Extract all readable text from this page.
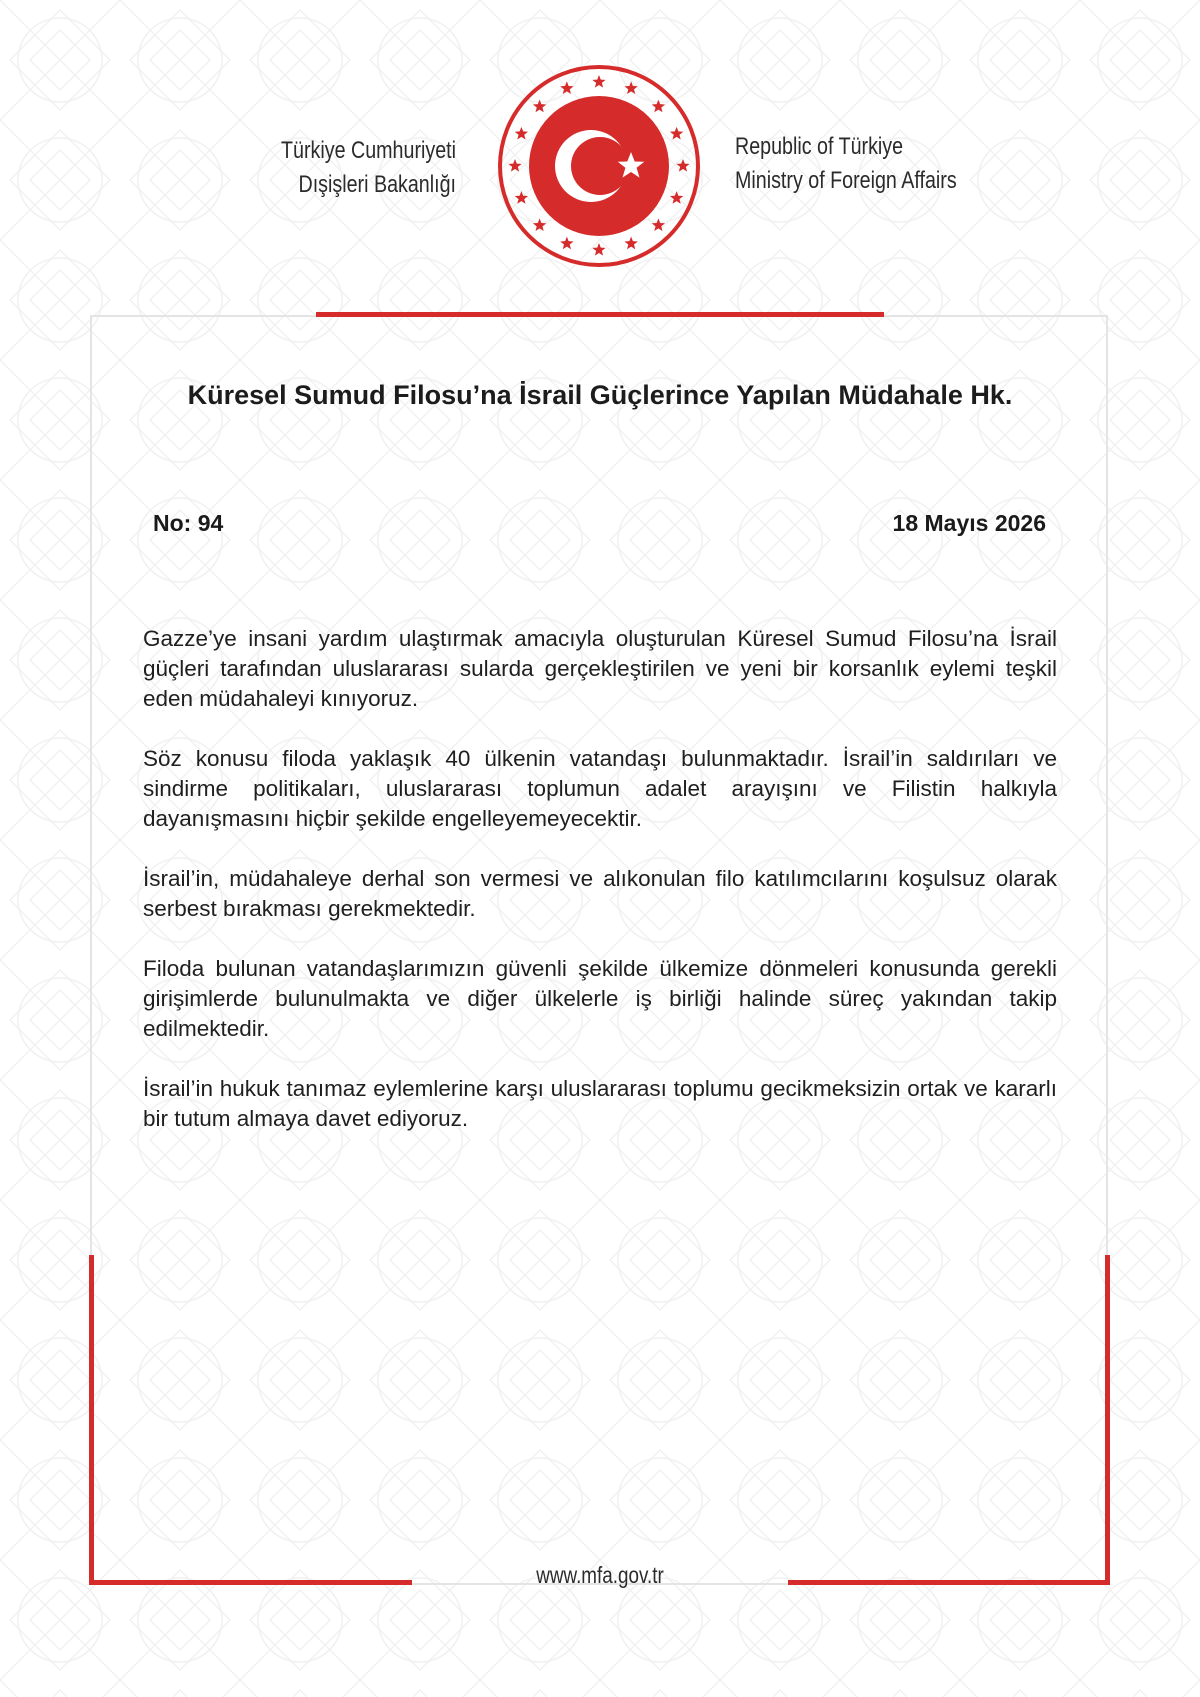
Türkiye Cumhuriyeti
Dışişleri Bakanlığı
Republic of Türkiye
Ministry of Foreign Affairs
Küresel Sumud Filosu’na İsrail Güçlerince Yapılan Müdahale Hk.
No: 94	18 Mayıs 2026

Gazze’ye insani yardım ulaştırmak amacıyla oluşturulan Küresel Sumud Filosu’na İsrail güçleri tarafından uluslararası sularda gerçekleştirilen ve yeni bir korsanlık eylemi teşkil eden müdahaleyi kınıyoruz.

Söz konusu filoda yaklaşık 40 ülkenin vatandaşı bulunmaktadır. İsrail’in saldırıları ve sindirme politikaları, uluslararası toplumun adalet arayışını ve Filistin halkıyla dayanışmasını hiçbir şekilde engelleyemeyecektir.

İsrail’in, müdahaleye derhal son vermesi ve alıkonulan filo katılımcılarını koşulsuz olarak serbest bırakması gerekmektedir.

Filoda bulunan vatandaşlarımızın güvenli şekilde ülkemize dönmeleri konusunda gerekli girişimlerde bulunulmakta ve diğer ülkelerle iş birliği halinde süreç yakından takip edilmektedir.

İsrail’in hukuk tanımaz eylemlerine karşı uluslararası toplumu gecikmeksizin ortak ve kararlı bir tutum almaya davet ediyoruz.

www.mfa.gov.tr
